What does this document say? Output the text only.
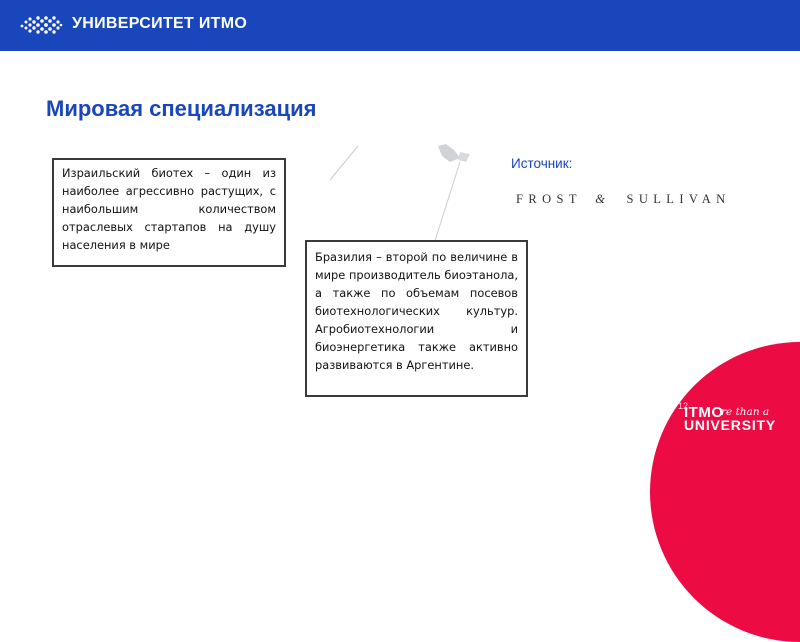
УНИВЕРСИТЕТ ИТМО
Мировая специализация
Израильский биотех – один из наиболее агрессивно растущих, с наибольшим количеством отраслевых стартапов на душу населения в мире
Бразилия – второй по величине в мире производитель биоэтанола, а также по объемам посевов биотехнологических культур. Агробиотехнологии и биоэнергетика также активно развиваются в Аргентине.
Источник:
FROST & SULLIVAN
12
ITMO
re than a
UNIVERSITY
